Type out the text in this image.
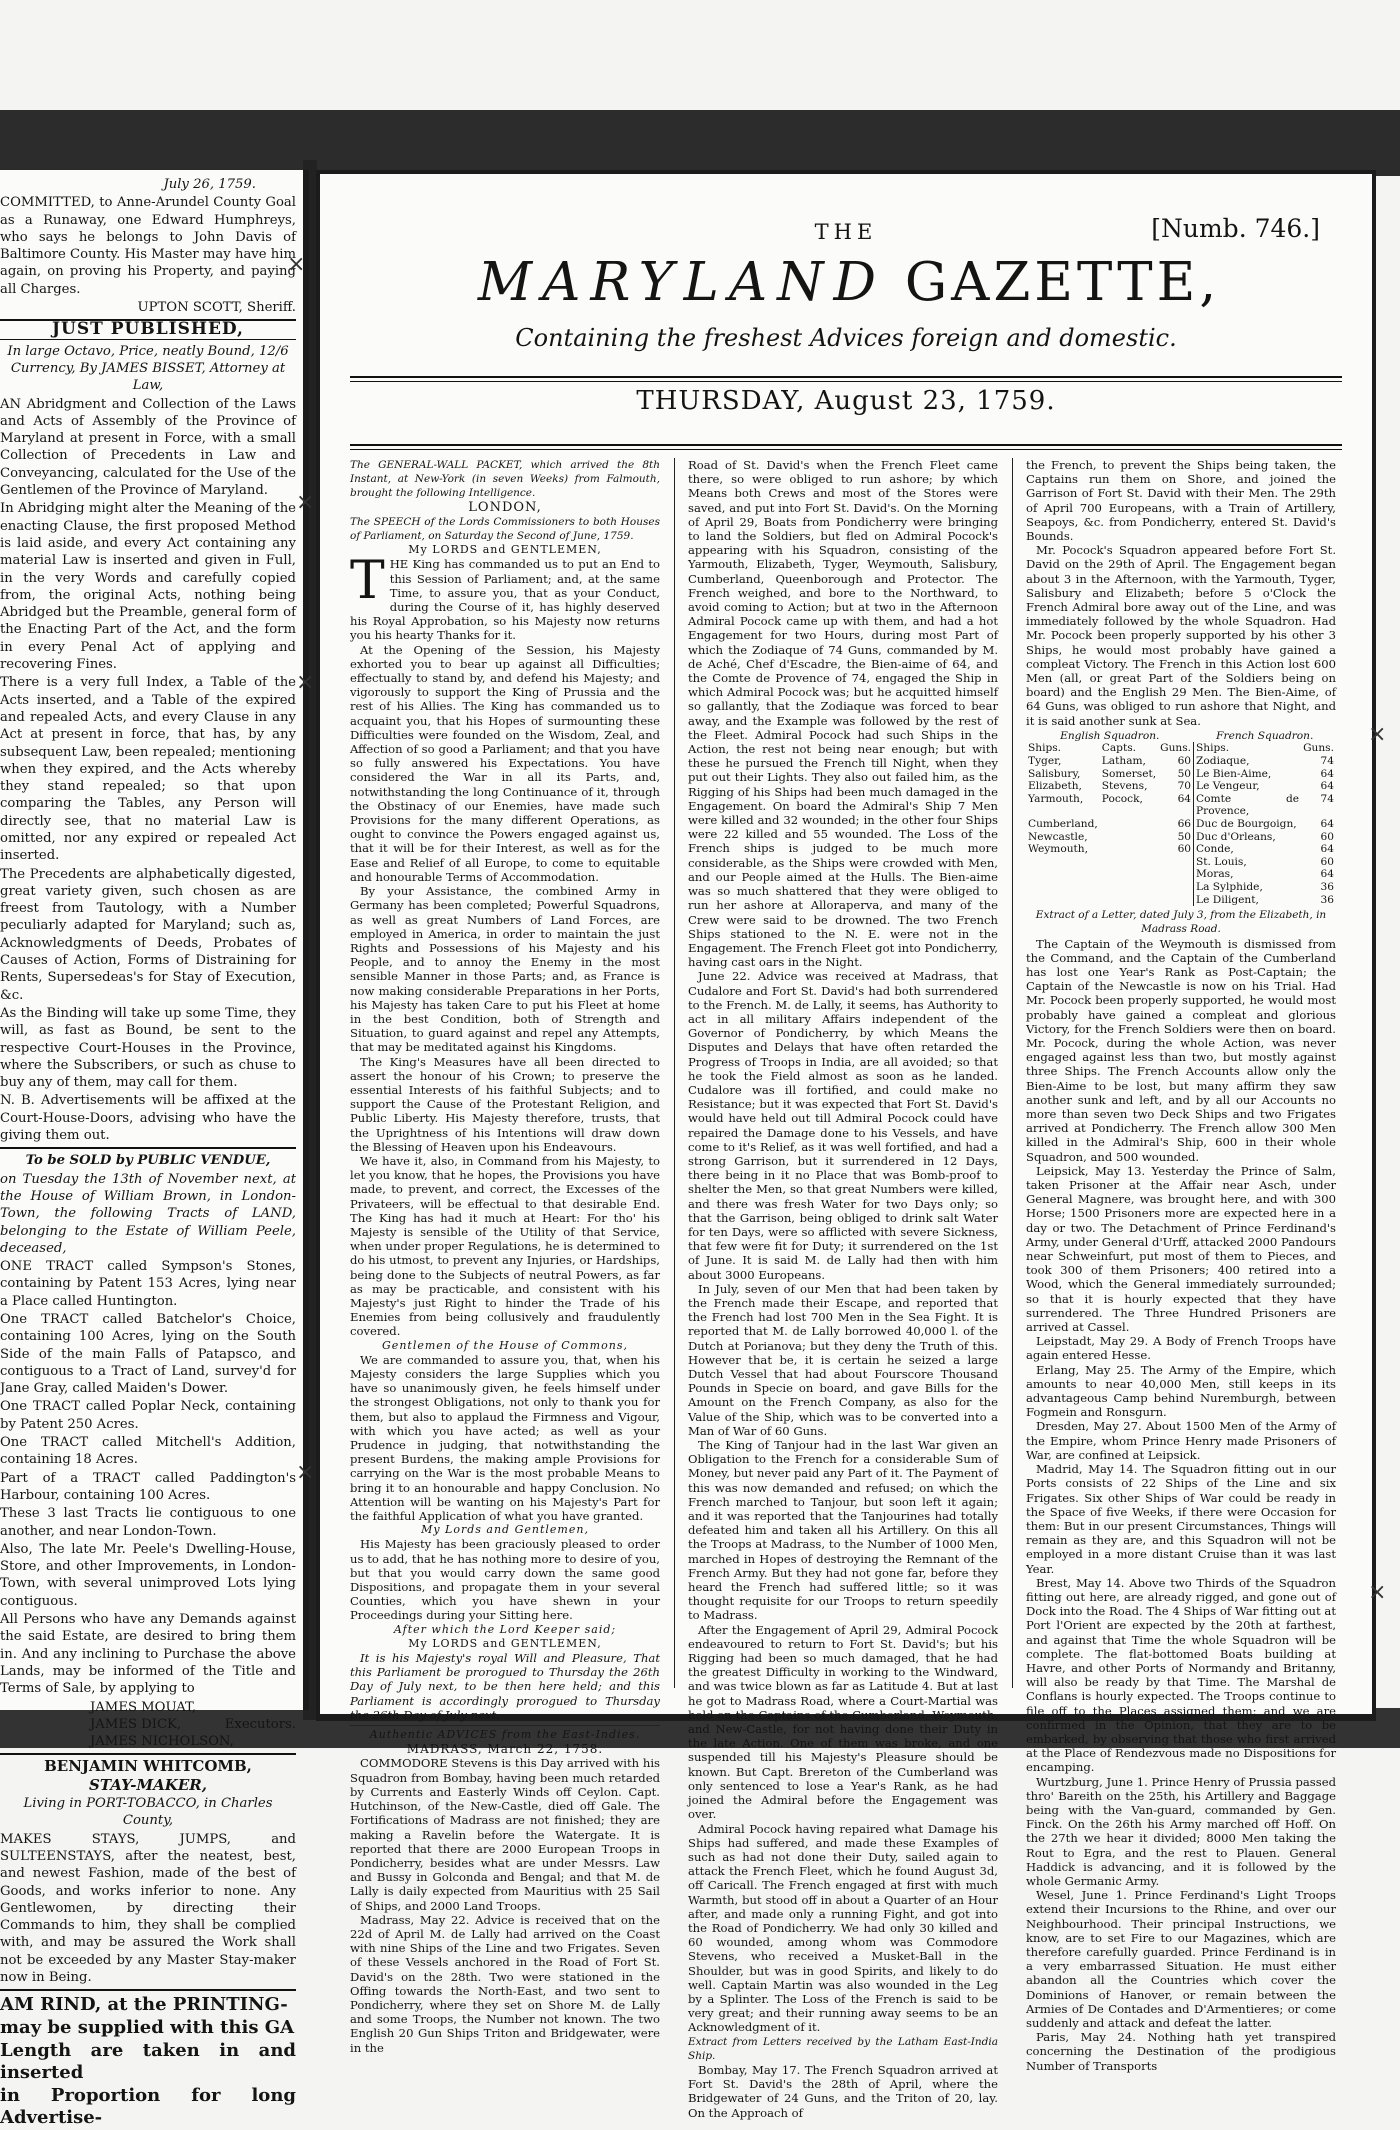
July 26, 1759.

COMMITTED, to Anne-Arundel County Goal as a Runaway, one Edward Humphreys, who says he belongs to John Davis of Baltimore County. His Master may have him again, on proving his Property, and paying all Charges.

UPTON SCOTT, Sheriff.

JUST PUBLISHED,

In large Octavo, Price, neatly Bound, 12/6 Currency, By JAMES BISSET, Attorney at Law,

AN Abridgment and Collection of the Laws and Acts of Assembly of the Province of Maryland at present in Force, with a small Collection of Precedents in Law and Conveyancing, calculated for the Use of the Gentlemen of the Province of Maryland.

In Abridging might alter the Meaning of the enacting Clause, the first proposed Method is laid aside, and every Act containing any material Law is inserted and given in Full, in the very Words and carefully copied from, the original Acts, nothing being Abridged but the Preamble, general form of the Enacting Part of the Act, and the form in every Penal Act of applying and recovering Fines.

There is a very full Index, a Table of the Acts inserted, and a Table of the expired and repealed Acts, and every Clause in any Act at present in force, that has, by any subsequent Law, been repealed; mentioning when they expired, and the Acts whereby they stand repealed; so that upon comparing the Tables, any Person will directly see, that no material Law is omitted, nor any expired or repealed Act inserted.

The Precedents are alphabetically digested, great variety given, such chosen as are freest from Tautology, with a Number peculiarly adapted for Maryland; such as, Acknowledgments of Deeds, Probates of Causes of Action, Forms of Distraining for Rents, Supersedeas's for Stay of Execution, &c.

As the Binding will take up some Time, they will, as fast as Bound, be sent to the respective Court-Houses in the Province, where the Subscribers, or such as chuse to buy any of them, may call for them.

N. B. Advertisements will be affixed at the Court-House-Doors, advising who have the giving them out.

To be SOLD by PUBLIC VENDUE,

on Tuesday the 13th of November next, at the House of William Brown, in London-Town, the following Tracts of LAND, belonging to the Estate of William Peele, deceased,

ONE TRACT called Sympson's Stones, containing by Patent 153 Acres, lying near a Place called Huntington.

One TRACT called Batchelor's Choice, containing 100 Acres, lying on the South Side of the main Falls of Patapsco, and contiguous to a Tract of Land, survey'd for Jane Gray, called Maiden's Dower.

One TRACT called Poplar Neck, containing by Patent 250 Acres.

One TRACT called Mitchell's Addition, containing 18 Acres.

Part of a TRACT called Paddington's Harbour, containing 100 Acres.

These 3 last Tracts lie contiguous to one another, and near London-Town.

Also, The late Mr. Peele's Dwelling-House, Store, and other Improvements, in London-Town, with several unimproved Lots lying contiguous.

All Persons who have any Demands against the said Estate, are desired to bring them in. And any inclining to Purchase the above Lands, may be informed of the Title and Terms of Sale, by applying to

JAMES MOUAT,
JAMES DICK,
JAMES NICHOLSON,
Executors.

BENJAMIN WHITCOMB,

STAY-MAKER,

Living in PORT-TOBACCO, in Charles County,

MAKES STAYS, JUMPS, and SULTEENSTAYS, after the neatest, best, and newest Fashion, made of the best of Goods, and works inferior to none. Any Gentlewomen, by directing their Commands to him, they shall be complied with, and may be assured the Work shall not be exceeded by any Master Stay-maker now in Being.

AM RIND, at the PRINTING-

may be supplied with this GA

Length are taken in and inserted

in Proportion for long Advertise-

[Numb. 746.]
THE
MARYLAND GAZETTE,
Containing the freshest Advices foreign and domestic.
THURSDAY, August 23, 1759.

The GENERAL-WALL PACKET, which arrived the 8th Instant, at New-York (in seven Weeks) from Falmouth, brought the following Intelligence.

LONDON,

The SPEECH of the Lords Commissioners to both Houses of Parliament, on Saturday the Second of June, 1759.

My LORDS and GENTLEMEN,

THE King has commanded us to put an End to this Session of Parliament; and, at the same Time, to assure you, that as your Conduct, during the Course of it, has highly deserved his Royal Approbation, so his Majesty now returns you his hearty Thanks for it.

At the Opening of the Session, his Majesty exhorted you to bear up against all Difficulties; effectually to stand by, and defend his Majesty; and vigorously to support the King of Prussia and the rest of his Allies. The King has commanded us to acquaint you, that his Hopes of surmounting these Difficulties were founded on the Wisdom, Zeal, and Affection of so good a Parliament; and that you have so fully answered his Expectations. You have considered the War in all its Parts, and, notwithstanding the long Continuance of it, through the Obstinacy of our Enemies, have made such Provisions for the many different Operations, as ought to convince the Powers engaged against us, that it will be for their Interest, as well as for the Ease and Relief of all Europe, to come to equitable and honourable Terms of Accommodation.

By your Assistance, the combined Army in Germany has been completed; Powerful Squadrons, as well as great Numbers of Land Forces, are employed in America, in order to maintain the just Rights and Possessions of his Majesty and his People, and to annoy the Enemy in the most sensible Manner in those Parts; and, as France is now making considerable Preparations in her Ports, his Majesty has taken Care to put his Fleet at home in the best Condition, both of Strength and Situation, to guard against and repel any Attempts, that may be meditated against his Kingdoms.

The King's Measures have all been directed to assert the honour of his Crown; to preserve the essential Interests of his faithful Subjects; and to support the Cause of the Protestant Religion, and Public Liberty. His Majesty therefore, trusts, that the Uprightness of his Intentions will draw down the Blessing of Heaven upon his Endeavours.

We have it, also, in Command from his Majesty, to let you know, that he hopes, the Provisions you have made, to prevent, and correct, the Excesses of the Privateers, will be effectual to that desirable End. The King has had it much at Heart: For tho' his Majesty is sensible of the Utility of that Service, when under proper Regulations, he is determined to do his utmost, to prevent any Injuries, or Hardships, being done to the Subjects of neutral Powers, as far as may be practicable, and consistent with his Majesty's just Right to hinder the Trade of his Enemies from being collusively and fraudulently covered.

Gentlemen of the House of Commons,

We are commanded to assure you, that, when his Majesty considers the large Supplies which you have so unanimously given, he feels himself under the strongest Obligations, not only to thank you for them, but also to applaud the Firmness and Vigour, with which you have acted; as well as your Prudence in judging, that notwithstanding the present Burdens, the making ample Provisions for carrying on the War is the most probable Means to bring it to an honourable and happy Conclusion. No Attention will be wanting on his Majesty's Part for the faithful Application of what you have granted.

My Lords and Gentlemen,

His Majesty has been graciously pleased to order us to add, that he has nothing more to desire of you, but that you would carry down the same good Dispositions, and propagate them in your several Counties, which you have shewn in your Proceedings during your Sitting here.

After which the Lord Keeper said;

My LORDS and GENTLEMEN,

It is his Majesty's royal Will and Pleasure, That this Parliament be prorogued to Thursday the 26th Day of July next, to be then here held; and this Parliament is accordingly prorogued to Thursday the 26th Day of July next.

Authentic ADVICES from the East-Indies.

MADRASS, March 22, 1758.

COMMODORE Stevens is this Day arrived with his Squadron from Bombay, having been much retarded by Currents and Easterly Winds off Ceylon. Capt. Hutchinson, of the New-Castle, died off Gale. The Fortifications of Madrass are not finished; they are making a Ravelin before the Watergate. It is reported that there are 2000 European Troops in Pondicherry, besides what are under Messrs. Law and Bussy in Golconda and Bengal; and that M. de Lally is daily expected from Mauritius with 25 Sail of Ships, and 2000 Land Troops.

Madrass, May 22. Advice is received that on the 22d of April M. de Lally had arrived on the Coast with nine Ships of the Line and two Frigates. Seven of these Vessels anchored in the Road of Fort St. David's on the 28th. Two were stationed in the Offing towards the North-East, and two sent to Pondicherry, where they set on Shore M. de Lally and some Troops, the Number not known. The two English 20 Gun Ships Triton and Bridgewater, were in the

Road of St. David's when the French Fleet came there, so were obliged to run ashore; by which Means both Crews and most of the Stores were saved, and put into Fort St. David's. On the Morning of April 29, Boats from Pondicherry were bringing to land the Soldiers, but fled on Admiral Pocock's appearing with his Squadron, consisting of the Yarmouth, Elizabeth, Tyger, Weymouth, Salisbury, Cumberland, Queenborough and Protector. The French weighed, and bore to the Northward, to avoid coming to Action; but at two in the Afternoon Admiral Pocock came up with them, and had a hot Engagement for two Hours, during most Part of which the Zodiaque of 74 Guns, commanded by M. de Aché, Chef d'Escadre, the Bien-aime of 64, and the Comte de Provence of 74, engaged the Ship in which Admiral Pocock was; but he acquitted himself so gallantly, that the Zodiaque was forced to bear away, and the Example was followed by the rest of the Fleet. Admiral Pocock had such Ships in the Action, the rest not being near enough; but with these he pursued the French till Night, when they put out their Lights. They also out failed him, as the Rigging of his Ships had been much damaged in the Engagement. On board the Admiral's Ship 7 Men were killed and 32 wounded; in the other four Ships were 22 killed and 55 wounded. The Loss of the French ships is judged to be much more considerable, as the Ships were crowded with Men, and our People aimed at the Hulls. The Bien-aime was so much shattered that they were obliged to run her ashore at Alloraperva, and many of the Crew were said to be drowned. The two French Ships stationed to the N. E. were not in the Engagement. The French Fleet got into Pondicherry, having cast oars in the Night.

June 22. Advice was received at Madrass, that Cudalore and Fort St. David's had both surrendered to the French. M. de Lally, it seems, has Authority to act in all military Affairs independent of the Governor of Pondicherry, by which Means the Disputes and Delays that have often retarded the Progress of Troops in India, are all avoided; so that he took the Field almost as soon as he landed. Cudalore was ill fortified, and could make no Resistance; but it was expected that Fort St. David's would have held out till Admiral Pocock could have repaired the Damage done to his Vessels, and have come to it's Relief, as it was well fortified, and had a strong Garrison, but it surrendered in 12 Days, there being in it no Place that was Bomb-proof to shelter the Men, so that great Numbers were killed, and there was fresh Water for two Days only; so that the Garrison, being obliged to drink salt Water for ten Days, were so afflicted with severe Sickness, that few were fit for Duty; it surrendered on the 1st of June. It is said M. de Lally had then with him about 3000 Europeans.

In July, seven of our Men that had been taken by the French made their Escape, and reported that the French had lost 700 Men in the Sea Fight. It is reported that M. de Lally borrowed 40,000 l. of the Dutch at Porianova; but they deny the Truth of this. However that be, it is certain he seized a large Dutch Vessel that had about Fourscore Thousand Pounds in Specie on board, and gave Bills for the Amount on the French Company, as also for the Value of the Ship, which was to be converted into a Man of War of 60 Guns.

The King of Tanjour had in the last War given an Obligation to the French for a considerable Sum of Money, but never paid any Part of it. The Payment of this was now demanded and refused; on which the French marched to Tanjour, but soon left it again; and it was reported that the Tanjourines had totally defeated him and taken all his Artillery. On this all the Troops at Madrass, to the Number of 1000 Men, marched in Hopes of destroying the Remnant of the French Army. But they had not gone far, before they heard the French had suffered little; so it was thought requisite for our Troops to return speedily to Madrass.

After the Engagement of April 29, Admiral Pocock endeavoured to return to Fort St. David's; but his Rigging had been so much damaged, that he had the greatest Difficulty in working to the Windward, and was twice blown as far as Latitude 4. But at last he got to Madrass Road, where a Court-Martial was held on the Captains of the Cumberland, Weymouth, and New-Castle, for not having done their Duty in the late Action. One of them was broke, and one suspended till his Majesty's Pleasure should be known. But Capt. Brereton of the Cumberland was only sentenced to lose a Year's Rank, as he had joined the Admiral before the Engagement was over.

Admiral Pocock having repaired what Damage his Ships had suffered, and made these Examples of such as had not done their Duty, sailed again to attack the French Fleet, which he found August 3d, off Caricall. The French engaged at first with much Warmth, but stood off in about a Quarter of an Hour after, and made only a running Fight, and got into the Road of Pondicherry. We had only 30 killed and 60 wounded, among whom was Commodore Stevens, who received a Musket-Ball in the Shoulder, but was in good Spirits, and likely to do well. Captain Martin was also wounded in the Leg by a Splinter. The Loss of the French is said to be very great; and their running away seems to be an Acknowledgment of it.

Extract from Letters received by the Latham East-India Ship.

Bombay, May 17. The French Squadron arrived at Fort St. David's the 28th of April, where the Bridgewater of 24 Guns, and the Triton of 20, lay. On the Approach of

the French, to prevent the Ships being taken, the Captains run them on Shore, and joined the Garrison of Fort St. David with their Men. The 29th of April 700 Europeans, with a Train of Artillery, Seapoys, &c. from Pondicherry, entered St. David's Bounds.

Mr. Pocock's Squadron appeared before Fort St. David on the 29th of April. The Engagement began about 3 in the Afternoon, with the Yarmouth, Tyger, Salisbury and Elizabeth; before 5 o'Clock the French Admiral bore away out of the Line, and was immediately followed by the whole Squadron. Had Mr. Pocock been properly supported by his other 3 Ships, he would most probably have gained a compleat Victory. The French in this Action lost 600 Men (all, or great Part of the Soldiers being on board) and the English 29 Men. The Bien-Aime, of 64 Guns, was obliged to run ashore that Night, and it is said another sunk at Sea.

English Squadron.			French Squadron.	
Ships.	Capts.	Guns.	Ships.	Guns.
Tyger,	Latham,	60	Zodiaque,	74
Salisbury,	Somerset,	50	Le Bien-Aime,	64
Elizabeth,	Stevens,	70	Le Vengeur,	64
Yarmouth,	Pocock,	64	Comte de Provence,	74
Cumberland,		66	Duc de Bourgoign,	64
Newcastle,		50	Duc d'Orleans,	60
Weymouth,		60	Conde,	64
			St. Louis,	60
			Moras,	64
			La Sylphide,	36
			Le Diligent,	36

Extract of a Letter, dated July 3, from the Elizabeth, in Madrass Road.

The Captain of the Weymouth is dismissed from the Command, and the Captain of the Cumberland has lost one Year's Rank as Post-Captain; the Captain of the Newcastle is now on his Trial. Had Mr. Pocock been properly supported, he would most probably have gained a compleat and glorious Victory, for the French Soldiers were then on board. Mr. Pocock, during the whole Action, was never engaged against less than two, but mostly against three Ships. The French Accounts allow only the Bien-Aime to be lost, but many affirm they saw another sunk and left, and by all our Accounts no more than seven two Deck Ships and two Frigates arrived at Pondicherry. The French allow 300 Men killed in the Admiral's Ship, 600 in their whole Squadron, and 500 wounded.

Leipsick, May 13. Yesterday the Prince of Salm, taken Prisoner at the Affair near Asch, under General Magnere, was brought here, and with 300 Horse; 1500 Prisoners more are expected here in a day or two. The Detachment of Prince Ferdinand's Army, under General d'Urff, attacked 2000 Pandours near Schweinfurt, put most of them to Pieces, and took 300 of them Prisoners; 400 retired into a Wood, which the General immediately surrounded; so that it is hourly expected that they have surrendered. The Three Hundred Prisoners are arrived at Cassel.

Leipstadt, May 29. A Body of French Troops have again entered Hesse.

Erlang, May 25. The Army of the Empire, which amounts to near 40,000 Men, still keeps in its advantageous Camp behind Nuremburgh, between Fogmein and Ronsgurn.

Dresden, May 27. About 1500 Men of the Army of the Empire, whom Prince Henry made Prisoners of War, are confined at Leipsick.

Madrid, May 14. The Squadron fitting out in our Ports consists of 22 Ships of the Line and six Frigates. Six other Ships of War could be ready in the Space of five Weeks, if there were Occasion for them: But in our present Circumstances, Things will remain as they are, and this Squadron will not be employed in a more distant Cruise than it was last Year.

Brest, May 14. Above two Thirds of the Squadron fitting out here, are already rigged, and gone out of Dock into the Road. The 4 Ships of War fitting out at Port l'Orient are expected by the 20th at farthest, and against that Time the whole Squadron will be complete. The flat-bottomed Boats building at Havre, and other Ports of Normandy and Britanny, will also be ready by that Time. The Marshal de Conflans is hourly expected. The Troops continue to file off to the Places assigned them; and we are confirmed in the Opinion, that they are to be embarked, by observing that those who first arrived at the Place of Rendezvous made no Dispositions for encamping.

Wurtzburg, June 1. Prince Henry of Prussia passed thro' Bareith on the 25th, his Artillery and Baggage being with the Van-guard, commanded by Gen. Finck. On the 26th his Army marched off Hoff. On the 27th we hear it divided; 8000 Men taking the Rout to Egra, and the rest to Plauen. General Haddick is advancing, and it is followed by the whole Germanic Army.

Wesel, June 1. Prince Ferdinand's Light Troops extend their Incursions to the Rhine, and over our Neighbourhood. Their principal Instructions, we know, are to set Fire to our Magazines, which are therefore carefully guarded. Prince Ferdinand is in a very embarrassed Situation. He must either abandon all the Countries which cover the Dominions of Hanover, or remain between the Armies of De Contades and D'Armentieres; or come suddenly and attack and defeat the latter.

Paris, May 24. Nothing hath yet transpired concerning the Destination of the prodigious Number of Transports

×
×
×
×
×
×
